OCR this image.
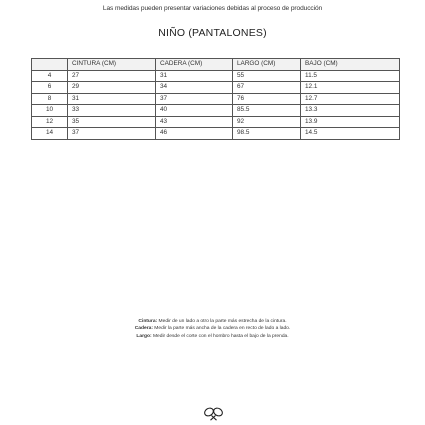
Las medidas pueden presentar variaciones debidas al proceso de producción
NIÑO (PANTALONES)
	CINTURA (CM)	CADERA (CM)	LARGO (CM)	BAJO (CM)
4	27	31	55	11.5
6	29	34	67	12.1
8	31	37	76	12.7
10	33	40	85.5	13.3
12	35	43	92	13.9
14	37	46	98.5	14.5
Cintura: Medir de un lado a otro la parte más estrecha de la cintura.
Cadera: Medir la parte más ancha de la cadera en recto de lado a lado.
Largo: Medir desde el corte con el hombro hasta el bajo de la prenda.
